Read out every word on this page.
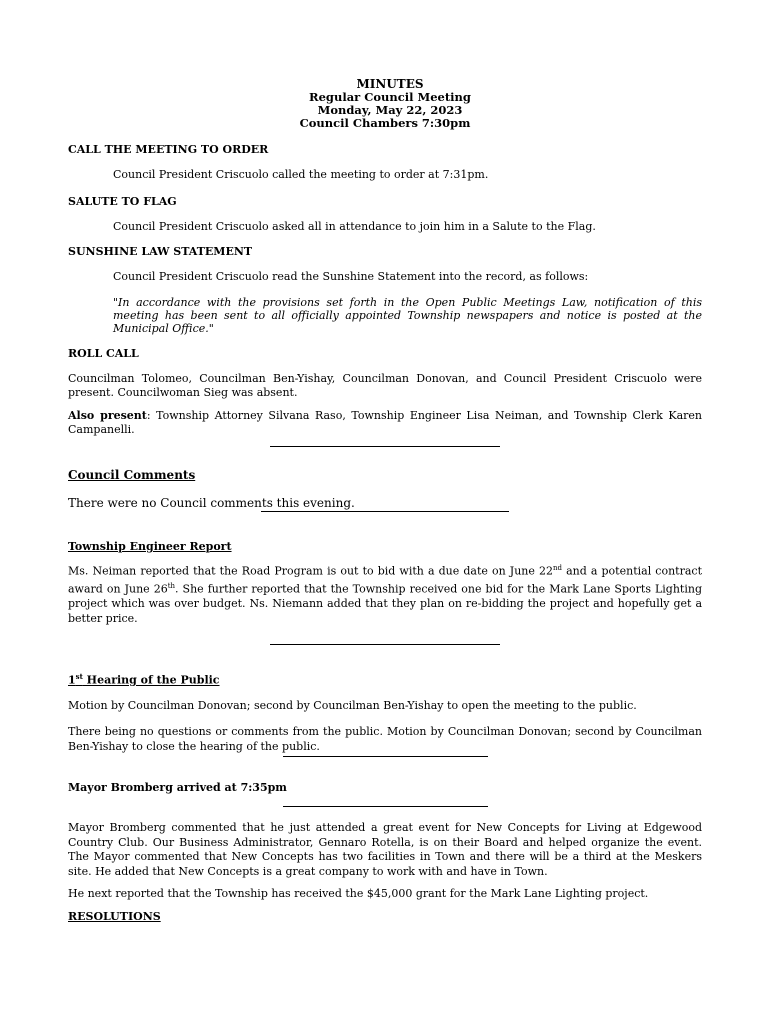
MINUTES
Regular Council Meeting
Monday, May 22, 2023
Council Chambers 7:30pm

CALL THE MEETING TO ORDER

Council President Criscuolo called the meeting to order at 7:31pm.

SALUTE TO FLAG

Council President Criscuolo asked all in attendance to join him in a Salute to the Flag.

SUNSHINE LAW STATEMENT

Council President Criscuolo read the Sunshine Statement into the record, as follows:

"In accordance with the provisions set forth in the Open Public Meetings Law, notification of this meeting has been sent to all officially appointed Township newspapers and notice is posted at the Municipal Office."

ROLL CALL

Councilman Tolomeo, Councilman Ben-Yishay, Councilman Donovan, and Council President Criscuolo were present. Councilwoman Sieg was absent.

Also present: Township Attorney Silvana Raso, Township Engineer Lisa Neiman, and Township Clerk Karen Campanelli.

Council Comments

There were no Council comments this evening.

Township Engineer Report

Ms. Neiman reported that the Road Program is out to bid with a due date on June 22nd and a potential contract award on June 26th. She further reported that the Township received one bid for the Mark Lane Sports Lighting project which was over budget. Ns. Niemann added that they plan on re-bidding the project and hopefully get a better price.

1st Hearing of the Public

Motion by Councilman Donovan; second by Councilman Ben-Yishay to open the meeting to the public.

There being no questions or comments from the public. Motion by Councilman Donovan; second by Councilman Ben-Yishay to close the hearing of the public.

Mayor Bromberg arrived at 7:35pm

Mayor Bromberg commented that he just attended a great event for New Concepts for Living at Edgewood Country Club. Our Business Administrator, Gennaro Rotella, is on their Board and helped organize the event. The Mayor commented that New Concepts has two facilities in Town and there will be a third at the Meskers site. He added that New Concepts is a great company to work with and have in Town.

He next reported that the Township has received the $45,000 grant for the Mark Lane Lighting project.

RESOLUTIONS
